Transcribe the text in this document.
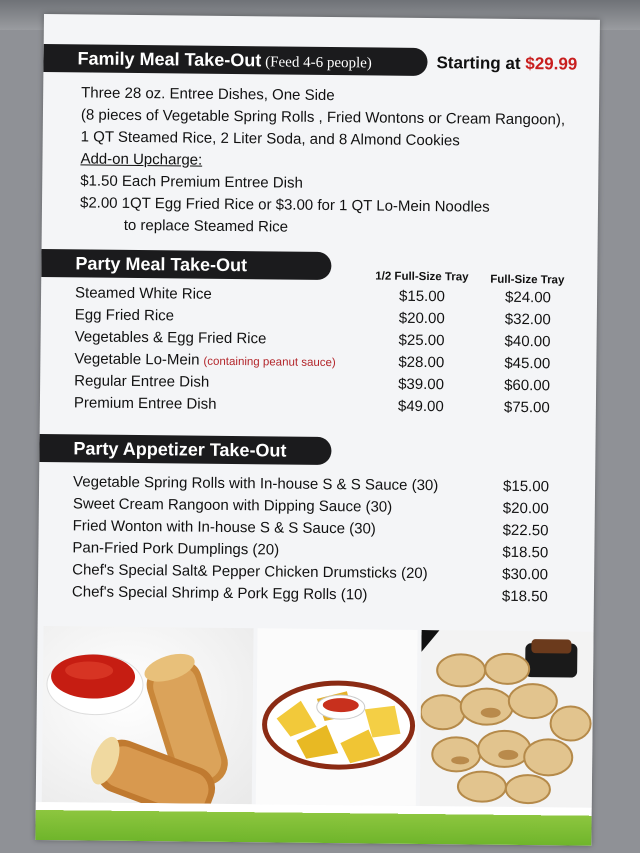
Family Meal Take-Out (Feed 4-6 people)	Starting at $29.99
Three 28 oz. Entree Dishes, One Side
(8 pieces of Vegetable Spring Rolls , Fried Wontons or Cream Rangoon),
1 QT Steamed Rice, 2 Liter Soda, and 8 Almond Cookies
Add-on Upcharge:
$1.50 Each Premium Entree Dish
$2.00 1QT Egg Fried Rice or $3.00 for 1 QT Lo-Mein Noodles
to replace Steamed Rice
Party Meal Take-Out
1/2 Full-Size Tray Full-Size Tray
Steamed White Rice	$15.00	$24.00
Egg Fried Rice	$20.00	$32.00
Vegetables & Egg Fried Rice	$25.00	$40.00
Vegetable Lo-Mein (containing peanut sauce)	$28.00	$45.00
Regular Entree Dish	$39.00	$60.00
Premium Entree Dish	$49.00	$75.00
Party Appetizer Take-Out
Vegetable Spring Rolls with In-house S & S Sauce (30)	$15.00
Sweet Cream Rangoon with Dipping Sauce (30)	$20.00
Fried Wonton with In-house S & S Sauce (30)	$22.50
Pan-Fried Pork Dumplings (20)	$18.50
Chef's Special Salt& Pepper Chicken Drumsticks (20)	$30.00
Chef's Special Shrimp & Pork Egg Rolls (10)	$18.50
